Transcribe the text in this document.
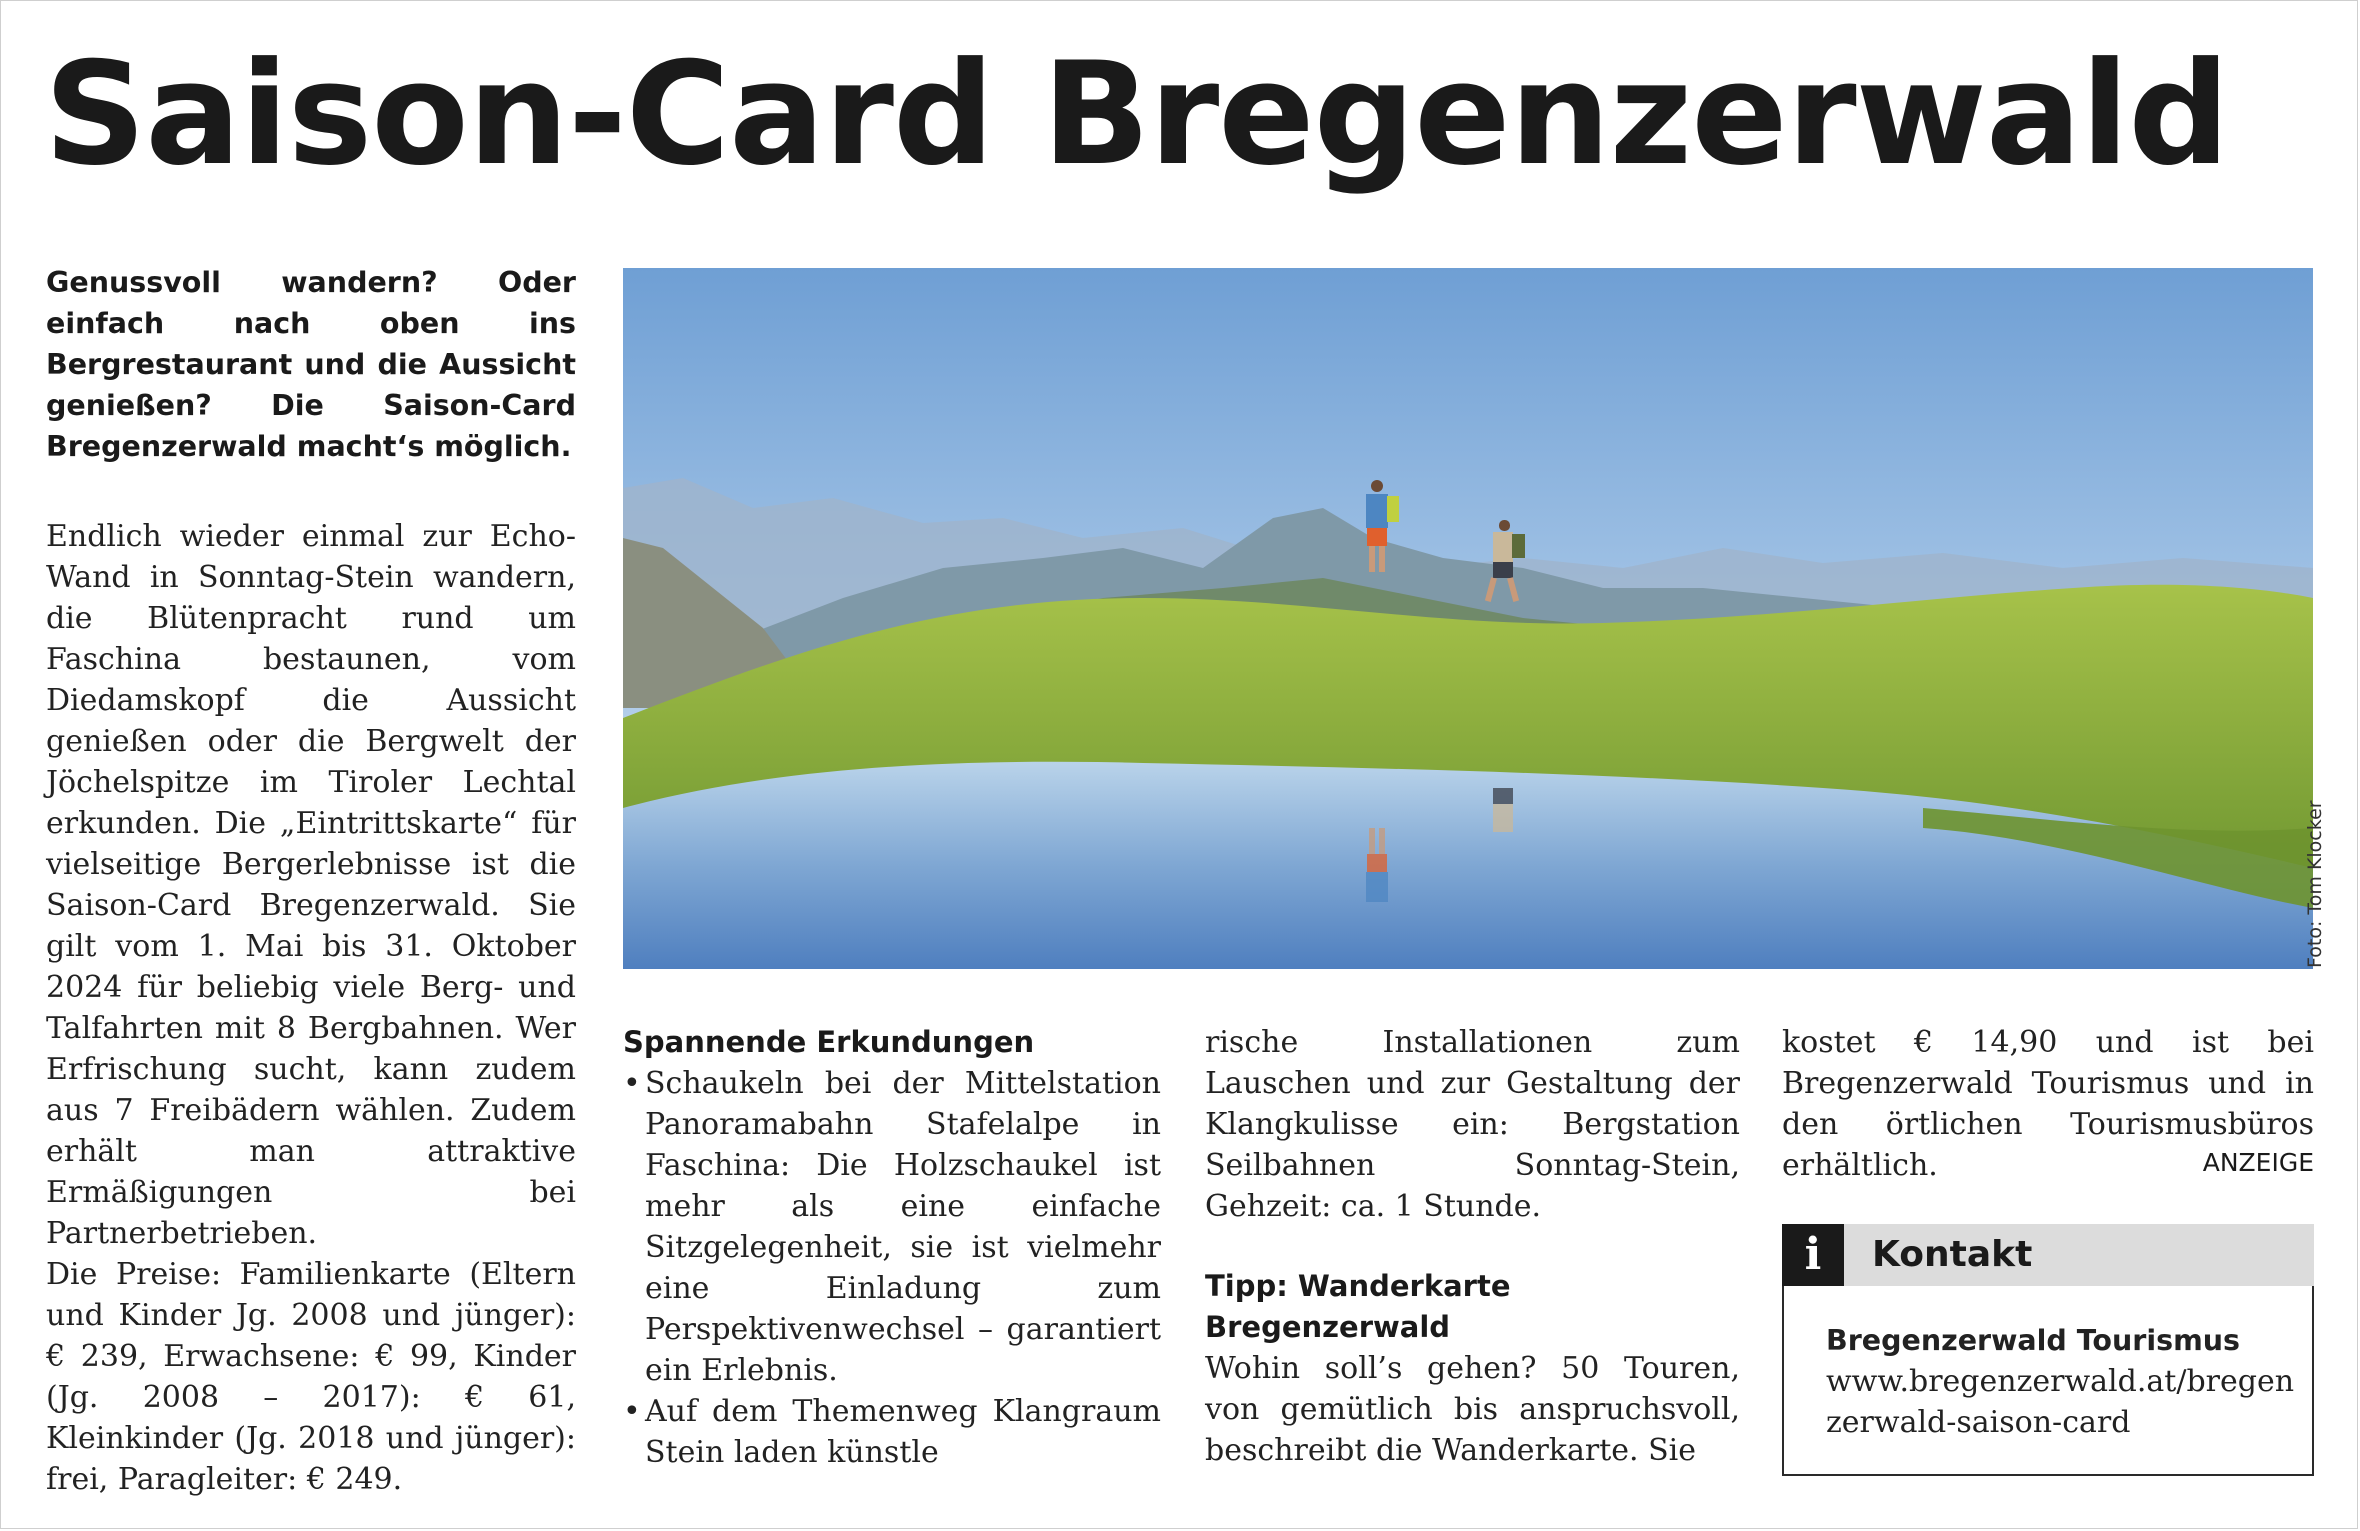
Saison-Card Bregenzerwald

Genussvoll wandern? Oder einfach nach oben ins Bergrestaurant und die Aussicht genießen? Die Saison-Card Bregenzerwald macht‘s möglich.

Endlich wieder einmal zur Echo-Wand in Sonntag-Stein wandern, die Blütenpracht rund um Faschina bestaunen, vom Diedamskopf die Aussicht genießen oder die Bergwelt der Jöchelspitze im Tiroler Lechtal erkunden. Die „Eintrittskarte“ für vielseitige Bergerlebnisse ist die Saison-Card Bregenzerwald. Sie gilt vom 1. Mai bis 31. Oktober 2024 für beliebig viele Berg- und Talfahrten mit 8 Bergbahnen. Wer Erfrischung sucht, kann zudem aus 7 Freibädern wählen. Zudem erhält man attraktive Ermäßigungen bei Partnerbetrieben.

Die Preise: Familienkarte (Eltern und Kinder Jg. 2008 und jünger): € 239, Erwachsene: € 99, Kinder (Jg. 2008 – 2017): € 61, Kleinkinder (Jg. 2018 und jünger): frei, Paragleiter: € 249.

Foto: Tom Klocker

Spannende Erkundungen

• Schaukeln bei der Mittelstation Panoramabahn Stafelalpe in Faschina: Die Holzschaukel ist mehr als eine einfache Sitzgelegenheit, sie ist vielmehr eine Einladung zum Perspektivenwechsel – garantiert ein Erlebnis.
• Auf dem Themenweg Klangraum Stein laden künstle

rische Installationen zum Lauschen und zur Gestaltung der Klangkulisse ein: Bergstation Seilbahnen Sonntag-Stein, Gehzeit: ca. 1 Stunde.

Tipp: Wanderkarte Bregenzerwald

Wohin soll’s gehen? 50 Touren, von gemütlich bis anspruchsvoll, beschreibt die Wanderkarte. Sie

kostet € 14,90 und ist bei Bregenzerwald Tourismus und in den örtlichen Tourismusbüros erhältlich.	ANZEIGE
i	Kontakt
Bregenzerwald Tourismus
www.bregenzerwald.at/bregenzerwald-saison-card
